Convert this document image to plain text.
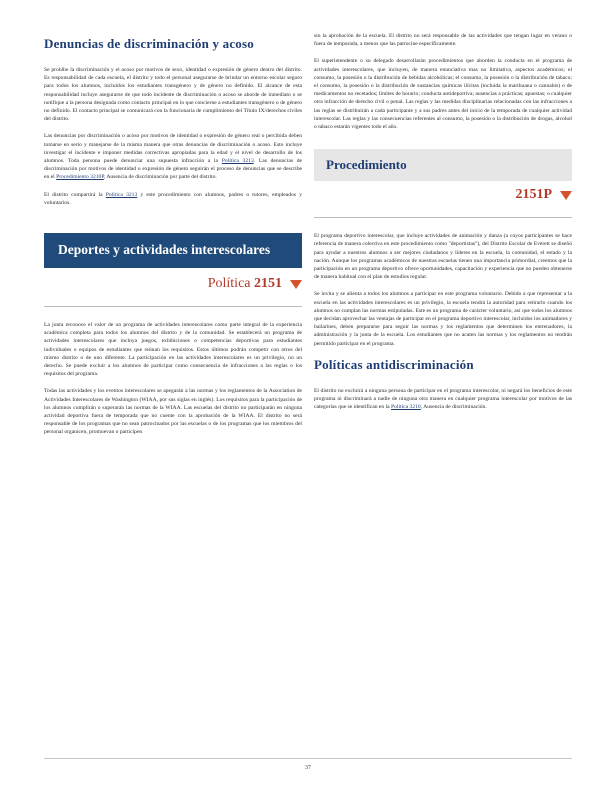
Denuncias de discriminación y acoso

Se prohíbe la discriminación y el acoso por motivos de sexo, identidad o expresión de género dentro del distrito. Es responsabilidad de cada escuela, el distrito y todo el personal asegurarse de brindar un entorno escolar seguro para todos los alumnos, incluidos los estudiantes transgénero y de género no definido. El alcance de esta responsabilidad incluye asegurarse de que todo incidente de discriminación o acoso se aborde de inmediato o se notifique a la persona designada como contacto principal en lo que concierne a estudiantes transgénero o de género no definido. El contacto principal se comunicará con la funcionaria de cumplimiento del Título IX/derechos civiles del distrito.

Las denuncias por discriminación o acoso por motivos de identidad o expresión de género real o percibida deben tomarse en serio y manejarse de la misma manera que otras denuncias de discriminación o acoso. Esto incluye investigar el incidente e imponer medidas correctivas apropiadas para la edad y el nivel de desarrollo de los alumnos. Toda persona puede denunciar una supuesta infracción a la Política 3213. Las denuncias de discriminación por motivos de identidad o expresión de género seguirán el proceso de denuncias que se describe en el Procedimiento 3210P, Ausencia de discriminación por parte del distrito.

El distrito compartirá la Política 3213 y este procedimiento con alumnos, padres o tutores, empleados y voluntarios.

Deportes y actividades interescolares
Política 2151

La junta reconoce el valor de un programa de actividades interescolares como parte integral de la experiencia académica completa para todos los alumnos del distrito y de la comunidad. Se establecerá un programa de actividades interescolares que incluya juegos, exhibiciones o competencias deportivas para estudiantes individuales o equipos de estudiantes que reúnan los requisitos. Estos últimos podrán competir con otros del mismo distrito o de uno diferente. La participación en las actividades interescolares es un privilegio, no un derecho. Se puede excluir a los alumnos de participar como consecuencia de infracciones a las reglas o los requisitos del programa.

Todas las actividades y los eventos interescolares se apegarán a las normas y los reglamentos de la Association de Actividades Interescolares de Washington (WIAA, por sus siglas en inglés). Los requisitos para la participación de los alumnos cumplirán o superarán las normas de la WIAA. Las escuelas del distrito no participarán en ninguna actividad deportiva fuera de temporada que no cuente con la aprobación de la WIAA. El distrito no será responsable de los programas que no sean patrocinados por las escuelas o de los programas que los miembros del personal organicen, promuevan o participen

sin la aprobación de la escuela. El distrito no será responsable de las actividades que tengan lugar en verano o fuera de temporada, a menos que las patrocine específicamente.

El superintendente o su delegado desarrollarán procedimientos que aborden la conducta en el programa de actividades interescolares, que incluyen, de manera enunciativa mas no limitativa, aspectos académicos; el consumo, la posesión o la distribución de bebidas alcohólicas; el consumo, la posesión o la distribución de tabaco; el consumo, la posesión o la distribución de sustancias químicas ilícitas (incluida la marihuana o cannabis) o de medicamentos no recetados; límites de horario; conducta antideportiva; ausencias a prácticas; apuestas; o cualquier otra infracción de derecho civil o penal. Las reglas y las medidas disciplinarias relacionadas con las infracciones a las reglas se distribuirán a cada participante y a sus padres antes del inicio de la temporada de cualquier actividad interescolar. Las reglas y las consecuencias referentes al consumo, la posesión o la distribución de drogas, alcohol o tabaco estarán vigentes todo el año.

Procedimiento
2151P

El programa deportivo interescolar, que incluye actividades de animación y danza (a cuyos participantes se hace referencia de manera colectiva en este procedimiento como "deportistas"), del Distrito Escolar de Everett se diseñó para ayudar a nuestros alumnos a ser mejores ciudadanos y líderes en la escuela, la comunidad, el estado y la nación. Aunque los programas académicos de nuestras escuelas tienen una importancia primordial, creemos que la participación en un programa deportivo ofrece oportunidades, capacitación y experiencia que no pueden obtenerse de manera habitual con el plan de estudios regular.

Se invita y se alienta a todos los alumnos a participar en este programa voluntario. Debido a que representar a la escuela en las actividades interescolares es un privilegio, la escuela tendrá la autoridad para retirarlo cuando los alumnos no cumplan las normas estipuladas. Este es un programa de carácter voluntario, así que todos los alumnos que decidan aprovechar las ventajas de participar en el programa deportivo interescolar, incluidos los animadores y bailarines, deben prepararse para seguir las normas y los reglamentos que determinen los entrenadores, la administración y la junta de la escuela. Los estudiantes que no acaten las normas y los reglamentos no tendrán permitido participar en el programa.

Políticas antidiscriminación

El distrito no excluirá a ninguna persona de participar en el programa interescolar, ni negará los beneficios de este programa ni discriminará a nadie de ninguna otra manera en cualquier programa interescolar por motivos de las categorías que se identifican en la Política 3210, Ausencia de discriminación.

37
